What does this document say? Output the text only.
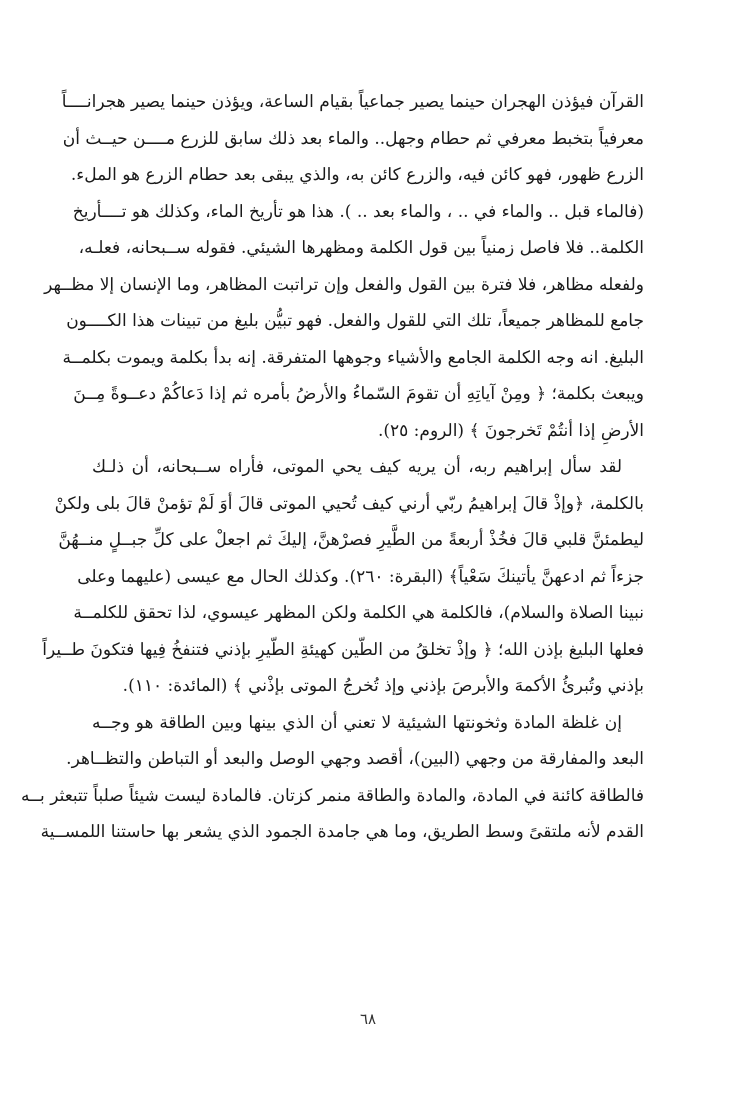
القرآن فيؤذن الهجران حينما يصير جماعياً بقيام الساعة، ويؤذن حينما يصير هجرانــــاً
معرفياً بتخبط معرفي ثم حطام وجهل.. والماء بعد ذلك سابق للزرع مــــن حيــث أن
الزرع ظهور، فهو كائن فيه، والزرع كائن به، والذي يبقى بعد حطام الزرع هو الملء.
(فالماء قبل .. والماء في .. ، والماء بعد .. ). هذا هو تأريخ الماء، وكذلك هو تــــأريخ
الكلمة.. فلا فاصل زمنياً بين قول الكلمة ومظهرها الشيئي. فقوله ســبحانه، فعلـه،
ولفعله مظاهر، فلا فترة بين القول والفعل وإن تراتبت المظاهر، وما الإنسان إلا مظــهر
جامع للمظاهر جميعاً، تلك التي للقول والفعل. فهو تبيُّن بليغ من تبينات هذا الكــــون
البليغ. انه وجه الكلمة الجامع والأشياء وجوهها المتفرقة. إنه بدأ بكلمة ويموت بكلمــة
ويبعث بكلمة؛ ﴿ ومِنْ آياتِهِ أن تقومَ السّماءُ والأرضُ بأمره ثم إذا دَعاكُمْ دعــوةً مِــنَ
الأرضِ إذا أنتُمْ تَخرجونَ ﴾ (الروم: ٢٥).
لقد سأل إبراهيم ربه، أن يريه كيف يحي الموتى، فأراه ســبحانه، أن ذلـك
بالكلمة، ﴿وإذْ قالَ إبراهيمُ ربّي أرني كيف تُحيي الموتى قالَ أوَ لَمْ تؤمنْ قالَ بلى ولكنْ
ليطمئنَّ قلبي قالَ فخُذْ أربعةً من الطَّيرِ فصرْهنَّ، إليكَ ثم اجعلْ على كلِّ جبــلٍ منــهُنَّ
جزءاً ثم ادعهنَّ يأتينكَ سَعْياً﴾ (البقرة: ٢٦٠). وكذلك الحال مع عيسى (عليهما وعلى
نبينا الصلاة والسلام)، فالكلمة هي الكلمة ولكن المظهر عيسوي، لذا تحقق للكلمــة
فعلها البليغ بإذن الله؛ ﴿ وإذْ تخلقُ من الطّين كهيئةِ الطّيرِ بإذني فتنفخُ فِيها فتكونَ طــيراً
بإذني وتُبرئُ الأكمهَ والأبرصَ بإذني وإذ تُخرجُ الموتى بإذْني ﴾ (المائدة: ١١٠).
إن غلظة المادة وثخونتها الشيئية لا تعني أن الذي بينها وبين الطاقة هو وجــه
البعد والمفارقة من وجهي (البين)، أقصد وجهي الوصل والبعد أو التباطن والتظــاهر.
فالطاقة كائنة في المادة، والمادة والطاقة منمر كزتان. فالمادة ليست شيئاً صلباً تتبعثر بــه
القدم لأنه ملتقىً وسط الطريق، وما هي جامدة الجمود الذي يشعر بها حاستنا اللمســية
٦٨
